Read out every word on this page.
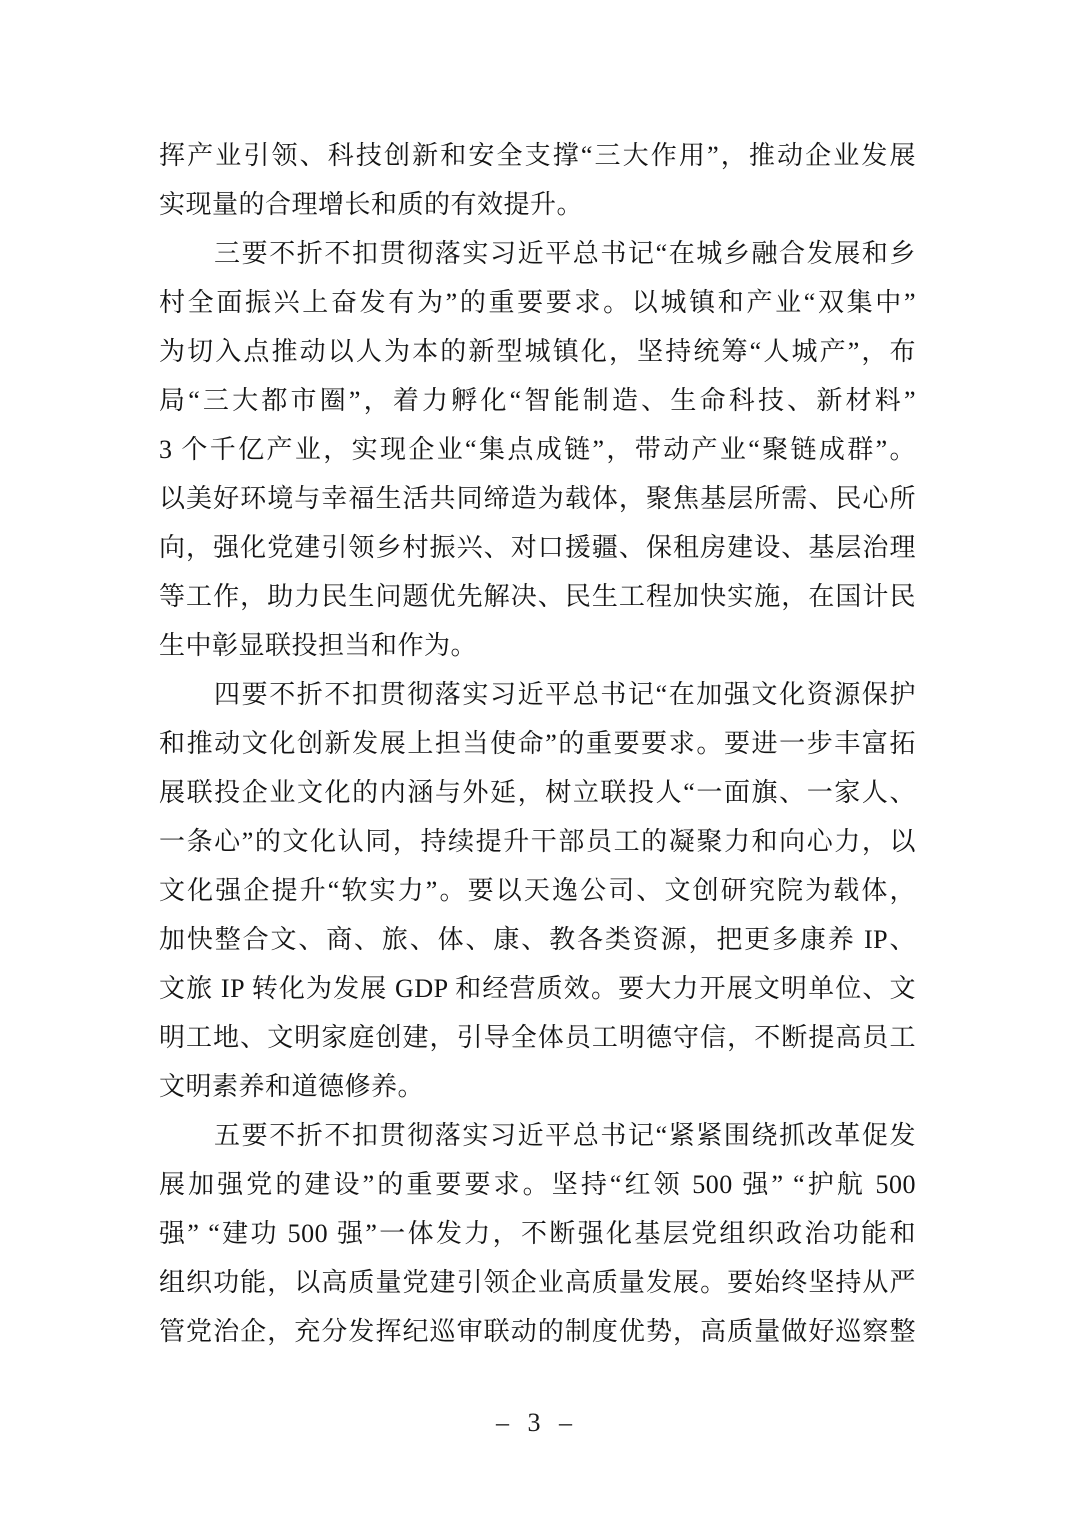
挥产业引领、科技创新和安全支撑“三大作用”，推动企业发展
实现量的合理增长和质的有效提升。
三要不折不扣贯彻落实习近平总书记“在城乡融合发展和乡
村全面振兴上奋发有为”的重要要求。以城镇和产业“双集中”
为切入点推动以人为本的新型城镇化，坚持统筹“人城产”，布
局“三大都市圈”，着力孵化“智能制造、生命科技、新材料”
3 个千亿产业，实现企业“集点成链”，带动产业“聚链成群”。
以美好环境与幸福生活共同缔造为载体，聚焦基层所需、民心所
向，强化党建引领乡村振兴、对口援疆、保租房建设、基层治理
等工作，助力民生问题优先解决、民生工程加快实施，在国计民
生中彰显联投担当和作为。
四要不折不扣贯彻落实习近平总书记“在加强文化资源保护
和推动文化创新发展上担当使命”的重要要求。要进一步丰富拓
展联投企业文化的内涵与外延，树立联投人“一面旗、一家人、
一条心”的文化认同，持续提升干部员工的凝聚力和向心力，以
文化强企提升“软实力”。要以天逸公司、文创研究院为载体，
加快整合文、商、旅、体、康、教各类资源，把更多康养 IP、
文旅 IP 转化为发展 GDP 和经营质效。要大力开展文明单位、文
明工地、文明家庭创建，引导全体员工明德守信，不断提高员工
文明素养和道德修养。
五要不折不扣贯彻落实习近平总书记“紧紧围绕抓改革促发
展加强党的建设”的重要要求。坚持“红领 500 强” “护航 500
强” “建功 500 强”一体发力，不断强化基层党组织政治功能和
组织功能，以高质量党建引领企业高质量发展。要始终坚持从严
管党治企，充分发挥纪巡审联动的制度优势，高质量做好巡察整
– 3 –
